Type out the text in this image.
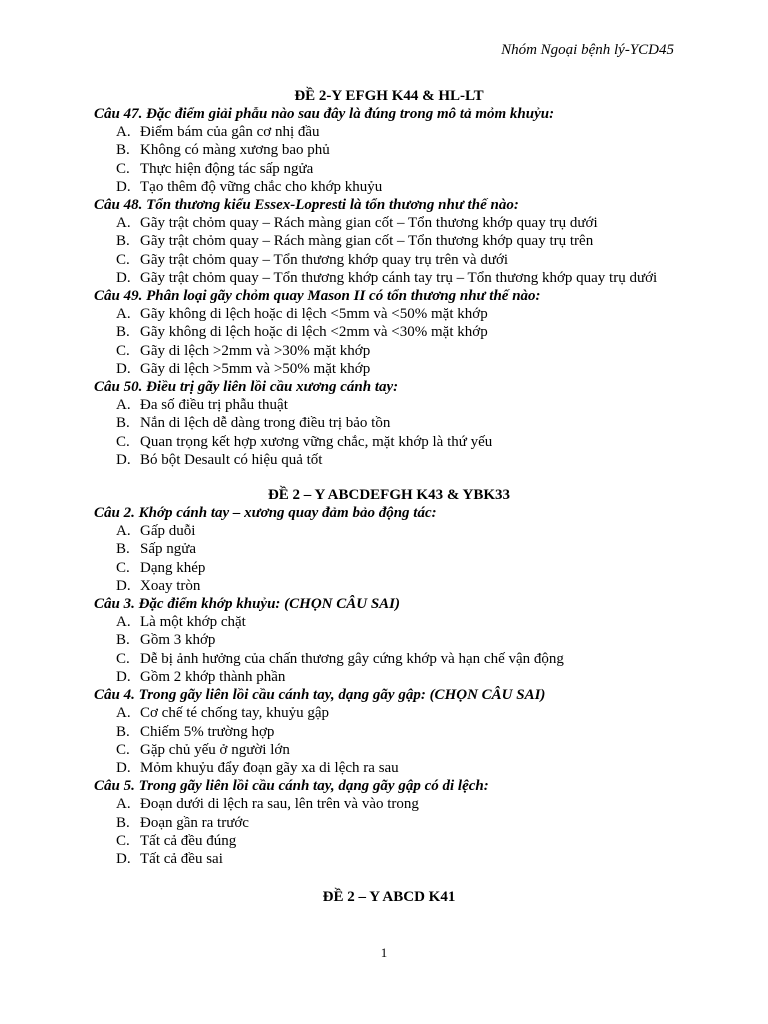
Nhóm Ngoại bệnh lý-YCD45
ĐỀ 2-Y EFGH K44 & HL-LT
Câu 47. Đặc điểm giải phẫu nào sau đây là đúng trong mô tả mỏm khuỷu:
A. Điểm bám của gân cơ nhị đầu
B. Không có màng xương bao phủ
C. Thực hiện động tác sấp ngửa
D. Tạo thêm độ vững chắc cho khớp khuỷu
Câu 48. Tổn thương kiểu Essex-Lopresti là tổn thương như thế nào:
A. Gãy trật chỏm quay – Rách màng gian cốt – Tổn thương khớp quay trụ dưới
B. Gãy trật chỏm quay – Rách màng gian cốt – Tổn thương khớp quay trụ trên
C. Gãy trật chỏm quay – Tổn thương khớp quay trụ trên và dưới
D. Gãy trật chỏm quay – Tổn thương khớp cánh tay trụ – Tổn thương khớp quay trụ dưới
Câu 49. Phân loại gãy chỏm quay Mason II có tổn thương như thế nào:
A. Gãy không di lệch hoặc di lệch <5mm và <50% mặt khớp
B. Gãy không di lệch hoặc di lệch <2mm và <30% mặt khớp
C. Gãy di lệch >2mm và >30% mặt khớp
D. Gãy di lệch >5mm và >50% mặt khớp
Câu 50. Điều trị gãy liên lồi cầu xương cánh tay:
A. Đa số điều trị phẫu thuật
B. Nắn di lệch dễ dàng trong điều trị bảo tồn
C. Quan trọng kết hợp xương vững chắc, mặt khớp là thứ yếu
D. Bó bột Desault có hiệu quả tốt
ĐỀ 2 – Y ABCDEFGH K43 & YBK33
Câu 2. Khớp cánh tay – xương quay đảm bảo động tác:
A. Gấp duỗi
B. Sấp ngửa
C. Dạng khép
D. Xoay tròn
Câu 3. Đặc điểm khớp khuỷu: (CHỌN CÂU SAI)
A. Là một khớp chặt
B. Gồm 3 khớp
C. Dễ bị ảnh hưởng của chấn thương gây cứng khớp và hạn chế vận động
D. Gồm 2 khớp thành phần
Câu 4. Trong gãy liên lồi cầu cánh tay, dạng gãy gập: (CHỌN CÂU SAI)
A. Cơ chế té chống tay, khuỷu gập
B. Chiếm 5% trường hợp
C. Gặp chủ yếu ở người lớn
D. Mỏm khuỷu đẩy đoạn gãy xa di lệch ra sau
Câu 5. Trong gãy liên lồi cầu cánh tay, dạng gãy gập có di lệch:
A. Đoạn dưới di lệch ra sau, lên trên và vào trong
B. Đoạn gần ra trước
C. Tất cả đều đúng
D. Tất cả đều sai
ĐỀ 2 – Y ABCD K41
1
